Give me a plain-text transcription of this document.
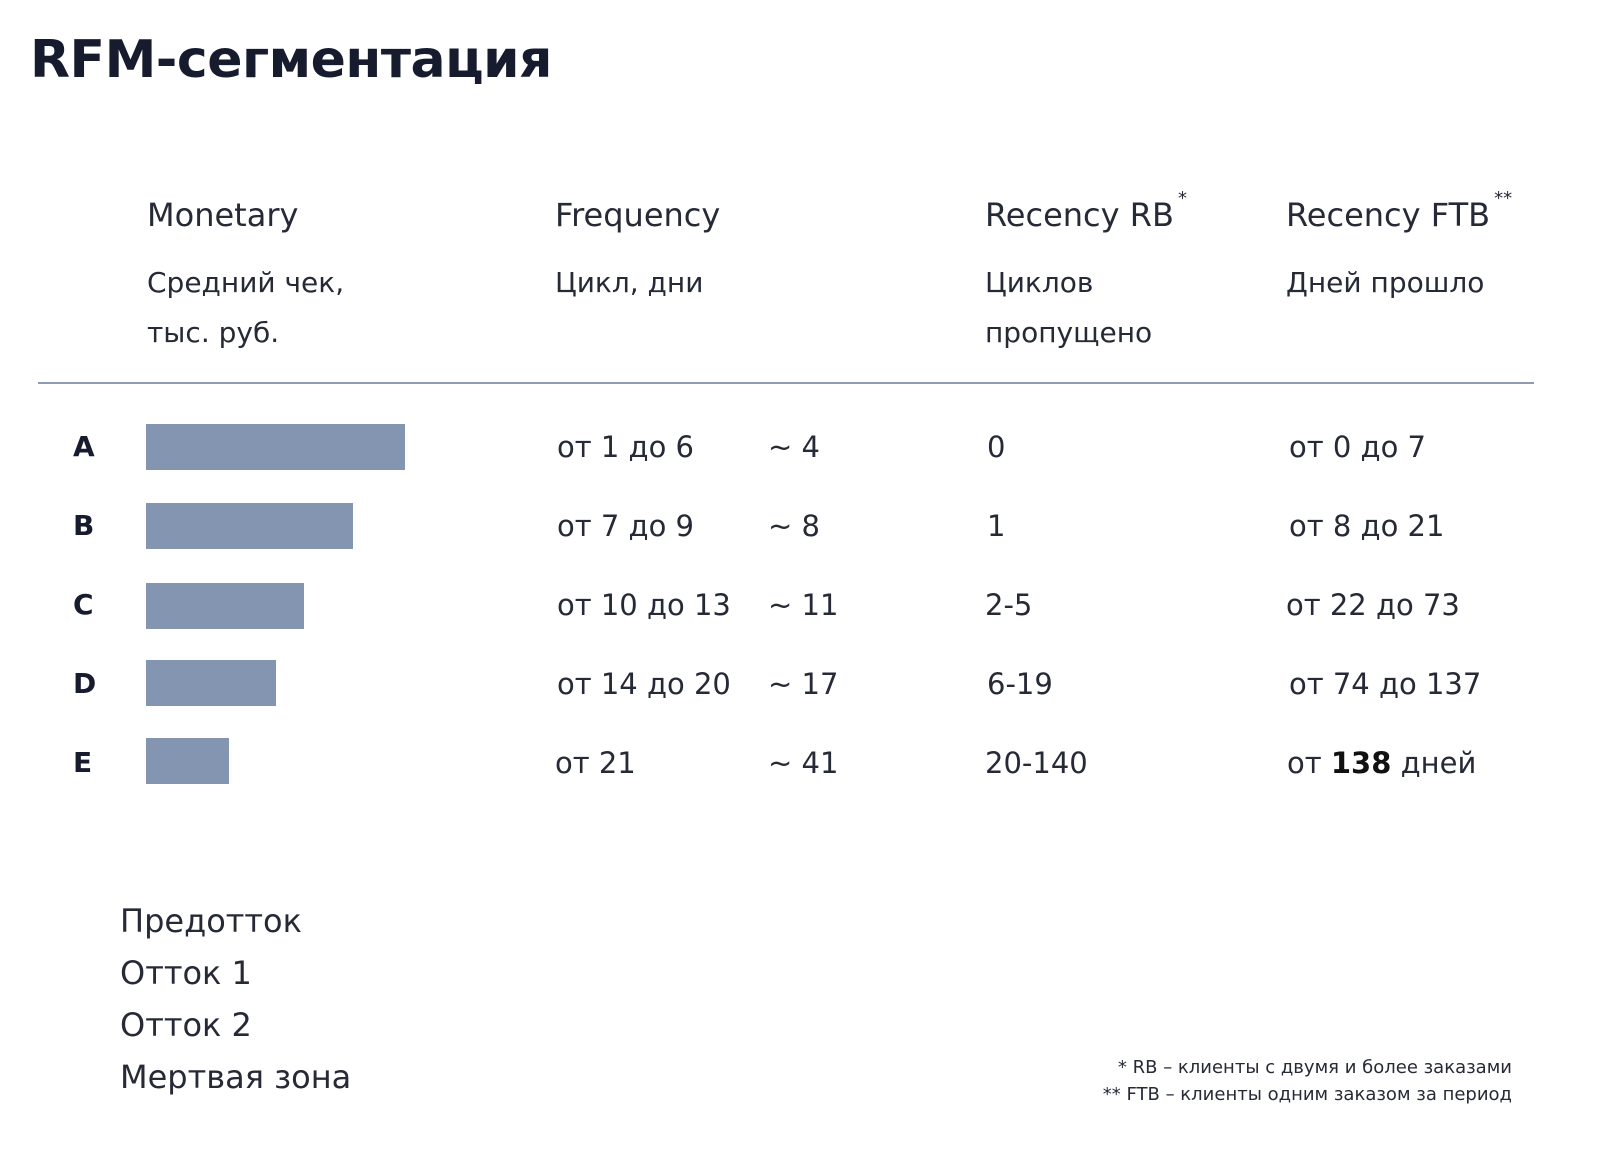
RFM-сегментация
Monetary
Средний чек,
тыс. руб.
Frequency
Цикл, дни
Recency RB *
Циклов
пропущено
Recency FTB **
Дней прошло
A	от 1 до 6	~ 4	0	от 0 до 7
B	от 7 до 9	~ 8	1	от 8 до 21
C	от 10 до 13 ~ 11	2-5	от 22 до 73
D	от 14 до 20 ~ 17	6-19	от 74 до 137
E	от 21	~ 41	20-140	от 138 дней
Предотток
Отток 1
Отток 2
Мертвая зона	* RB – клиенты с двумя и более заказами
** FTB – клиенты одним заказом за период
